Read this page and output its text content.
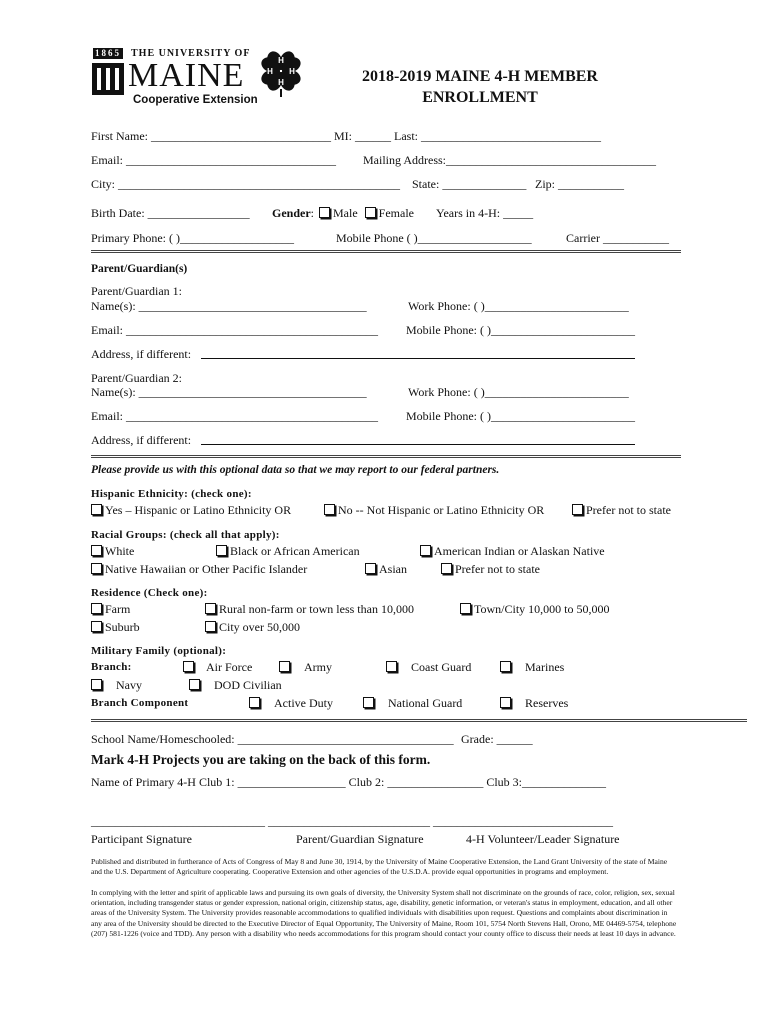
1865 THE UNIVERSITY OF
MAINE
Cooperative Extension
H
H
H H	2018-2019 MAINE 4-H MEMBER
ENROLLMENT
First Name: ______________________________ MI: ______ Last: ______________________________
Email: ___________________________________ Mailing Address:___________________________________
City: _______________________________________________ State: ______________ Zip: ___________
Birth Date: _________________ Gender: Male Female Years in 4-H: _____
Primary Phone: ( )___________________	Mobile Phone ( )___________________	Carrier ___________
Parent/Guardian(s)
Parent/Guardian 1:
Name(s): ______________________________________	Work Phone: ( )________________________
Email: __________________________________________ Mobile Phone: ( )________________________
Address, if different:
Parent/Guardian 2:
Name(s): ______________________________________	Work Phone: ( )________________________
Email: __________________________________________ Mobile Phone: ( )________________________
Address, if different:
Please provide us with this optional data so that we may report to our federal partners.
Hispanic Ethnicity: (check one):
Yes – Hispanic or Latino Ethnicity OR	No -- Not Hispanic or Latino Ethnicity OR	Prefer not to state
Racial Groups: (check all that apply):
White	Black or African American	American Indian or Alaskan Native
Native Hawaiian or Other Pacific Islander	Asian	Prefer not to state
Residence (Check one):
Farm	Rural non-farm or town less than 10,000	Town/City 10,000 to 50,000
Suburb	City over 50,000
Military Family (optional):
Branch:	Air Force	Army	Coast Guard	Marines
Navy	DOD Civilian
Branch Component	Active Duty	National Guard	Reserves
School Name/Homeschooled: ____________________________________ Grade: ______
Mark 4-H Projects you are taking on the back of this form.
Name of Primary 4-H Club 1: __________________ Club 2: ________________ Club 3:______________
_____________________________ ___________________________ ______________________________
Participant Signature	Parent/Guardian Signature	4-H Volunteer/Leader Signature
Published and distributed in furtherance of Acts of Congress of May 8 and June 30, 1914, by the University of Maine Cooperative Extension, the Land Grant University of the state of Maine and the U.S. Department of Agriculture cooperating. Cooperative Extension and other agencies of the U.S.D.A. provide equal opportunities in programs and employment.
In complying with the letter and spirit of applicable laws and pursuing its own goals of diversity, the University System shall not discriminate on the grounds of race, color, religion, sex, sexual orientation, including transgender status or gender expression, national origin, citizenship status, age, disability, genetic information, or veteran's status in employment, education, and all other areas of the University System. The University provides reasonable accommodations to qualified individuals with disabilities upon request. Questions and complaints about discrimination in any area of the University should be directed to the Executive Director of Equal Opportunity, The University of Maine, Room 101, 5754 North Stevens Hall, Orono, ME 04469-5754, telephone (207) 581-1226 (voice and TDD). Any person with a disability who needs accommodations for this program should contact your county office to discuss their needs at least 10 days in advance.
